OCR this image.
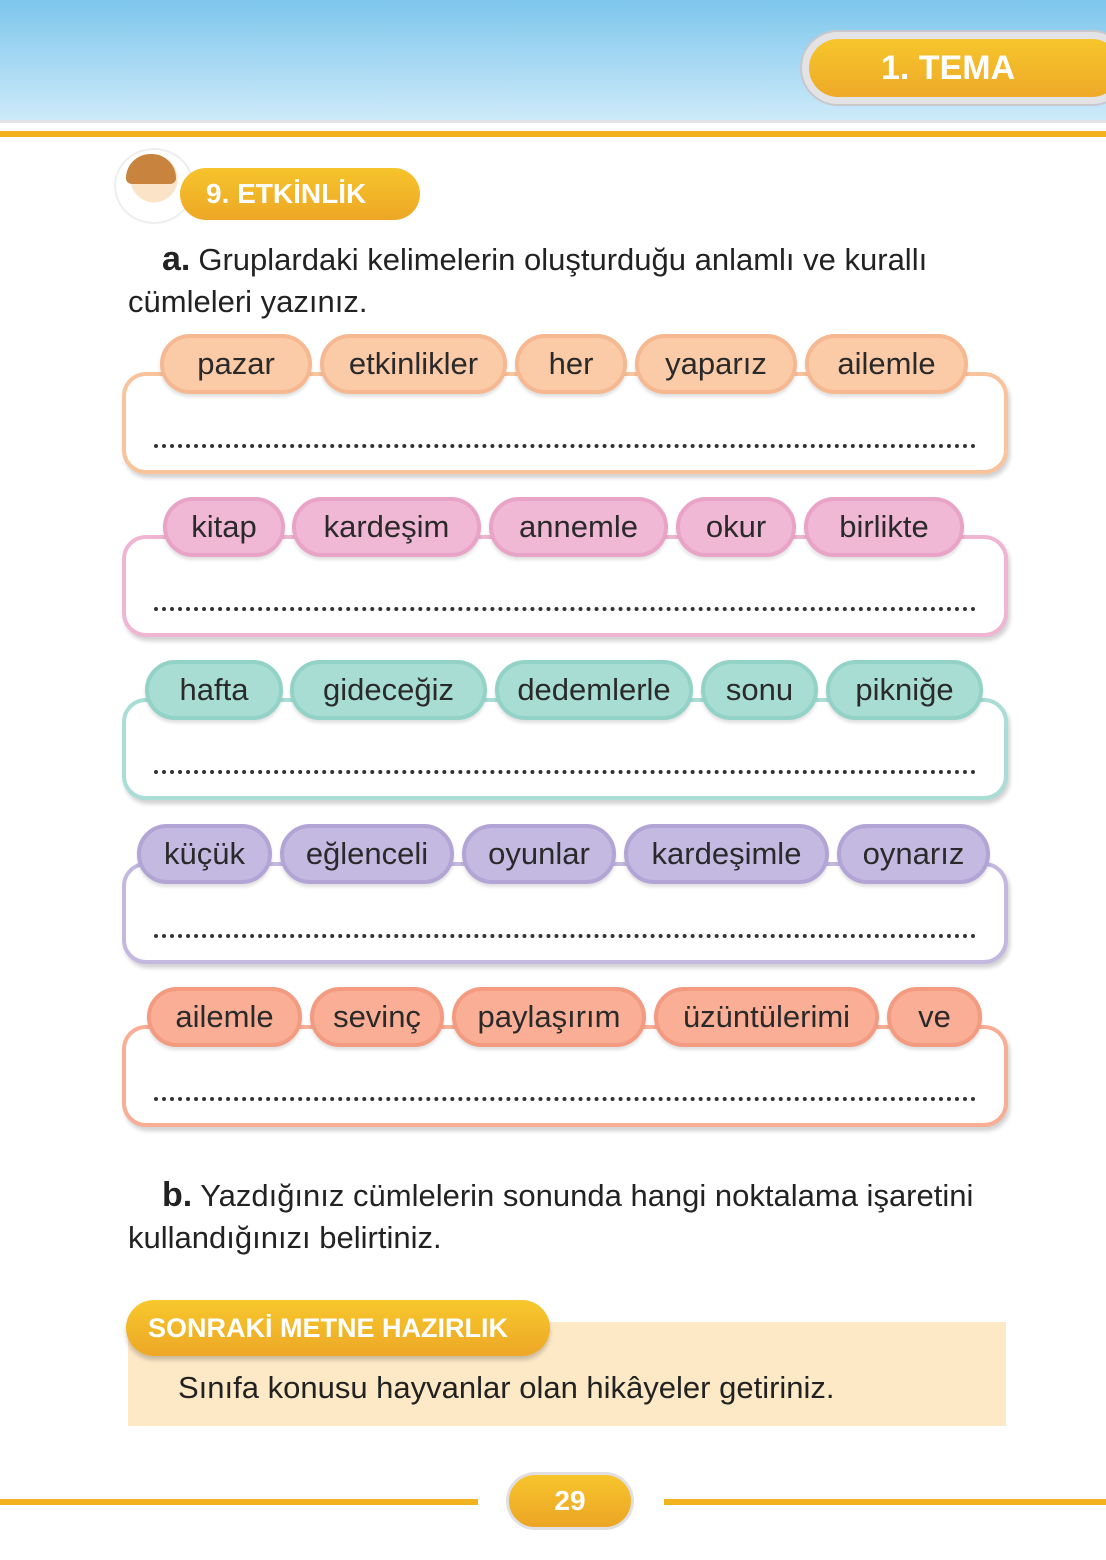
1. TEMA
9. ETKİNLİK
a. Gruplardaki kelimelerin oluşturduğu anlamlı ve kurallı cümleleri yazınız.
pazar	etkinlikler	her	yaparız	ailemle
kitap	kardeşim	annemle	okur	birlikte
hafta	gideceğiz	dedemlerle	sonu	pikniğe
küçük	eğlenceli	oyunlar	kardeşimle	oynarız
ailemle	sevinç	paylaşırım	üzüntülerimi	ve
b. Yazdığınız cümlelerin sonunda hangi noktalama işaretini kullandığınızı belirtiniz.
SONRAKİ METNE HAZIRLIK
Sınıfa konusu hayvanlar olan hikâyeler getiriniz.
29
